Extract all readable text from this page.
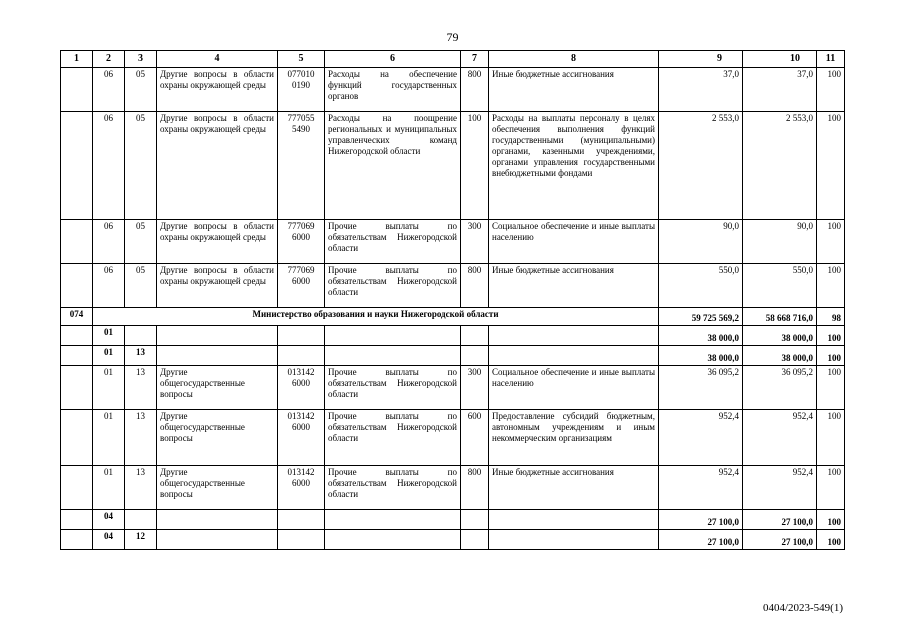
79
1	2	3	4	5	6	7	8	9	10	11
	06	05	Другие вопросы в области охраны окружающей среды	077010 0190	Расходы на обеспечение функций государственных органов	800	Иные бюджетные ассигнования	37,0	37,0	100
	06	05	Другие вопросы в области охраны окружающей среды	777055 5490	Расходы на поощрение региональных и муниципальных управленческих команд Нижегородской области	100	Расходы на выплаты персоналу в целях обеспечения выполнения функций государственными (муниципальными) органами, казенными учреждениями, органами управления государственными внебюджетными фондами	2 553,0	2 553,0	100
	06	05	Другие вопросы в области охраны окружающей среды	777069 6000	Прочие выплаты по обязательствам Нижегородской области	300	Социальное обеспечение и иные выплаты населению	90,0	90,0	100
	06	05	Другие вопросы в области охраны окружающей среды	777069 6000	Прочие выплаты по обязательствам Нижегородской области	800	Иные бюджетные ассигнования	550,0	550,0	100
074	Министерство образования и науки Нижегородской области							59 725 569,2	58 668 716,0	98
	01							38 000,0	38 000,0	100
	01	13						38 000,0	38 000,0	100
	01	13	Другие общегосударственные вопросы	013142 6000	Прочие выплаты по обязательствам Нижегородской области	300	Социальное обеспечение и иные выплаты населению	36 095,2	36 095,2	100
	01	13	Другие общегосударственные вопросы	013142 6000	Прочие выплаты по обязательствам Нижегородской области	600	Предоставление субсидий бюджетным, автономным учреждениям и иным некоммерческим организациям	952,4	952,4	100
	01	13	Другие общегосударственные вопросы	013142 6000	Прочие выплаты по обязательствам Нижегородской области	800	Иные бюджетные ассигнования	952,4	952,4	100
	04							27 100,0	27 100,0	100
	04	12						27 100,0	27 100,0	100
0404/2023-549(1)
